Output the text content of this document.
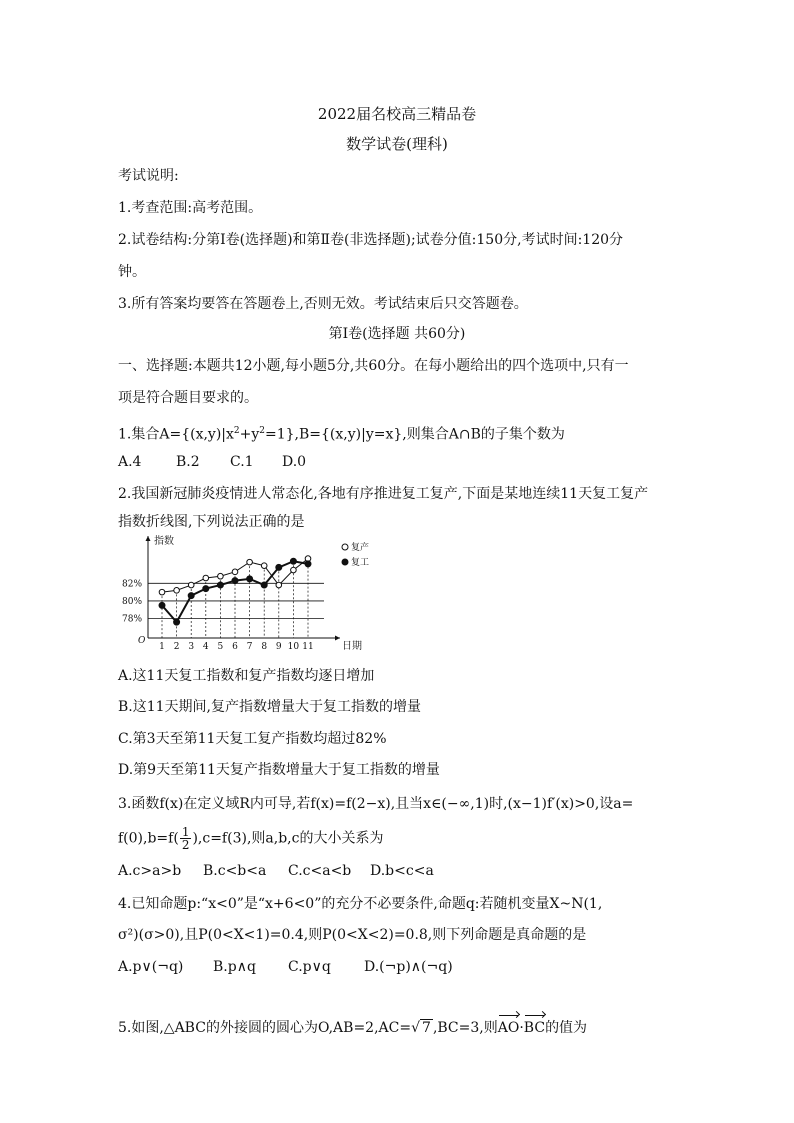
2022届名校高三精品卷
数学试卷(理科)
考试说明:
1.考查范围:高考范围。
2.试卷结构:分第Ⅰ卷(选择题)和第Ⅱ卷(非选择题);试卷分值:150分,考试时间:120分
钟。
3.所有答案均要答在答题卷上,否则无效。考试结束后只交答题卷。
第Ⅰ卷(选择题 共60分)
一、选择题:本题共12小题,每小题5分,共60分。在每小题给出的四个选项中,只有一
项是符合题目要求的。
1.集合$A=\{(x,y)|x^2+y^2=1\},B=\{(x,y)|y=x\}$,则集合A∩B的子集个数为
A.4 B.2 C.1 D.0
2.我国新冠肺炎疫情进人常态化,各地有序推进复工复产,下面是某地连续11天复工复产
指数折线图,下列说法正确的是
指数
日期
O
78%
80%
82%
1 2 3 4 5 6 7 8 9 10 11
复产
复工
A.这11天复工指数和复产指数均逐日增加
B.这11天期间,复产指数增量大于复工指数的增量
C.第3天至第11天复工复产指数均超过82%
D.第9天至第11天复产指数增量大于复工指数的增量
3.函数f(x)在定义域R内可导,若f(x)=f(2−x),且当x∈(−∞,1)时,(x−1)f′(x)>0,设a=
$f(0),b=f( \frac{1}{2} ),c=f(3)$,则a,b,c的大小关系为
A.c>a>b B.c<b<a C.c<a<b D.b<c<a
4.已知命题p:“x<0”是“x+6<0”的充分不必要条件,命题q:若随机变量X~N(1,
σ²)(σ>0),且P(0<X<1)=0.4,则P(0<X<2)=0.8,则下列命题是真命题的是
A.p∨(¬q) B.p∧q C.p∨q D.(¬p)∧(¬q)
5.如图,△ABC的外接圆的圆心为O,AB=2,AC=√ 7 ,BC=3,则AO·BC的值为
